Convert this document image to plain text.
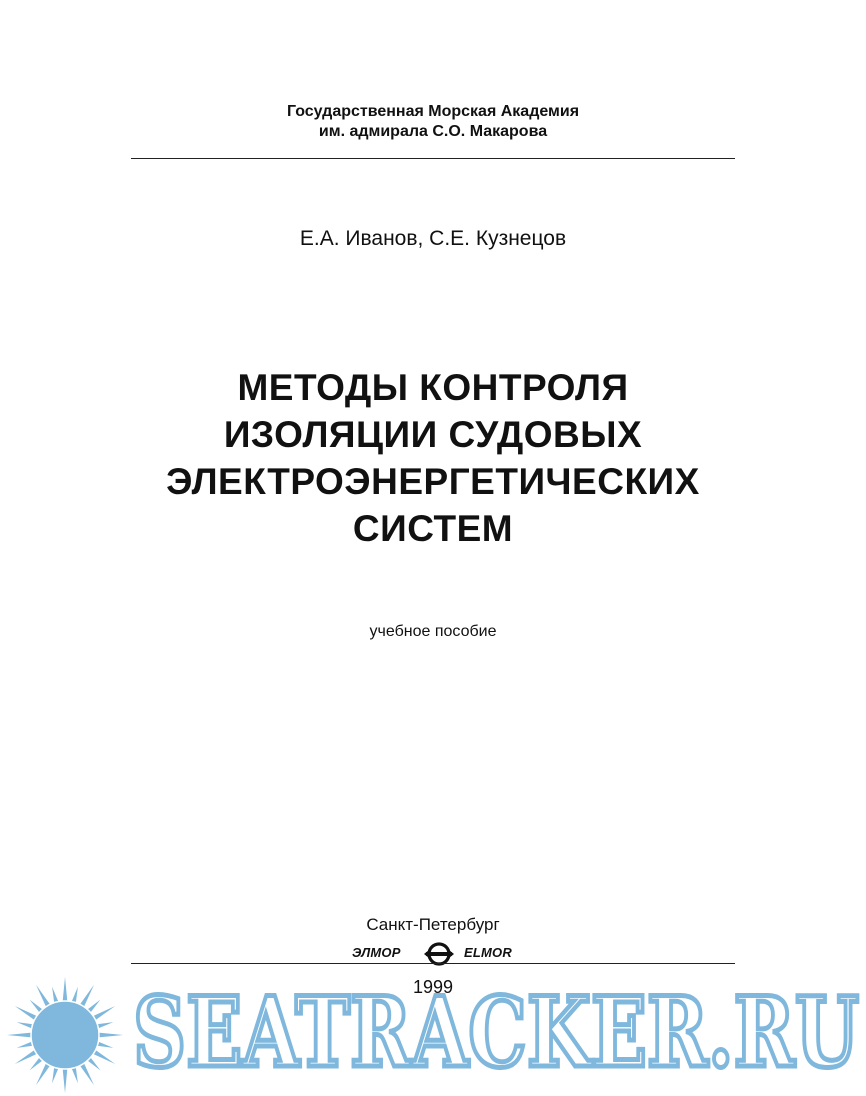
Государственная Морская Академия
им. адмирала С.О. Макарова
Е.А. Иванов, С.Е. Кузнецов
МЕТОДЫ КОНТРОЛЯ
ИЗОЛЯЦИИ СУДОВЫХ
ЭЛЕКТРОЭНЕРГЕТИЧЕСКИХ
СИСТЕМ
учебное пособие
Санкт-Петербург
ЭЛМОР	ELMOR
1999
SEATRACKER.RU
